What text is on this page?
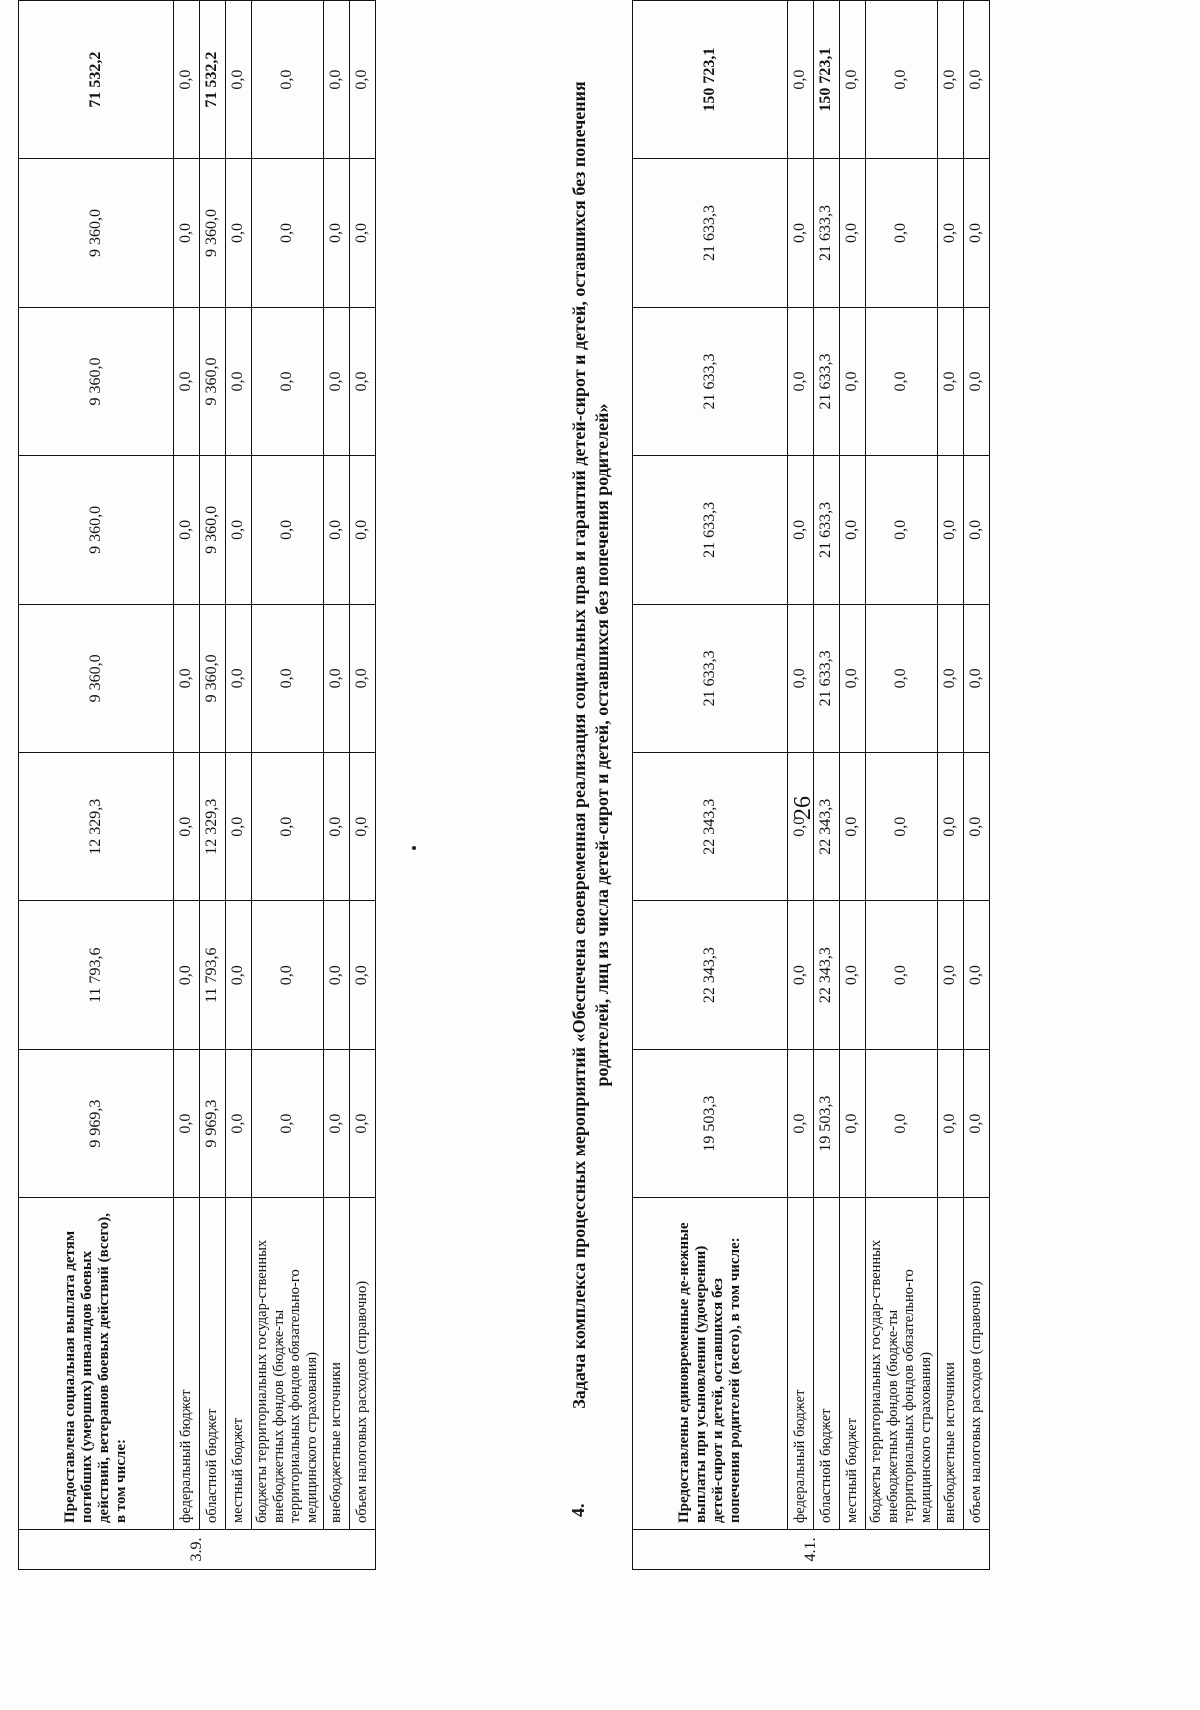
26
3.9.	Предоставлена социальная выплата детям погибших (умерших) инвалидов боевых действий, ветеранов боевых действий (всего), в том числе:	9 969,3	11 793,6	12 329,3	9 360,0	9 360,0	9 360,0	9 360,0	71 532,2
	федеральный бюджет	0,0	0,0	0,0	0,0	0,0	0,0	0,0	0,0
	областной бюджет	9 969,3	11 793,6	12 329,3	9 360,0	9 360,0	9 360,0	9 360,0	71 532,2
	местный бюджет	0,0	0,0	0,0	0,0	0,0	0,0	0,0	0,0
	бюджеты территориальных государ-ственных внебюджетных фондов (бюдже-ты территориальных фондов обязательно-го медицинского страхования)	0,0	0,0	0,0	0,0	0,0	0,0	0,0	0,0
	внебюджетные источники	0,0	0,0	0,0	0,0	0,0	0,0	0,0	0,0
	объем налоговых расходов (справочно)	0,0	0,0	0,0	0,0	0,0	0,0	0,0	0,0
4.
Задача комплекса процессных мероприятий «Обеспечена своевременная реализация социальных прав и гарантий детей-сирот и детей, оставшихся без попечения родителей, лиц из числа детей-сирот и детей, оставшихся без попечения родителей»
4.1.	Предоставлены единовременные де-нежные выплаты при усыновлении (удочерении) детей-сирот и детей, оставшихся без попечения родителей (всего), в том числе:	19 503,3	22 343,3	22 343,3	21 633,3	21 633,3	21 633,3	21 633,3	150 723,1
	федеральный бюджет	0,0	0,0	0,0	0,0	0,0	0,0	0,0	0,0
	областной бюджет	19 503,3	22 343,3	22 343,3	21 633,3	21 633,3	21 633,3	21 633,3	150 723,1
	местный бюджет	0,0	0,0	0,0	0,0	0,0	0,0	0,0	0,0
	бюджеты территориальных государ-ственных внебюджетных фондов (бюдже-ты территориальных фондов обязательно-го медицинского страхования)	0,0	0,0	0,0	0,0	0,0	0,0	0,0	0,0
	внебюджетные источники	0,0	0,0	0,0	0,0	0,0	0,0	0,0	0,0
	объем налоговых расходов (справочно)	0,0	0,0	0,0	0,0	0,0	0,0	0,0	0,0
